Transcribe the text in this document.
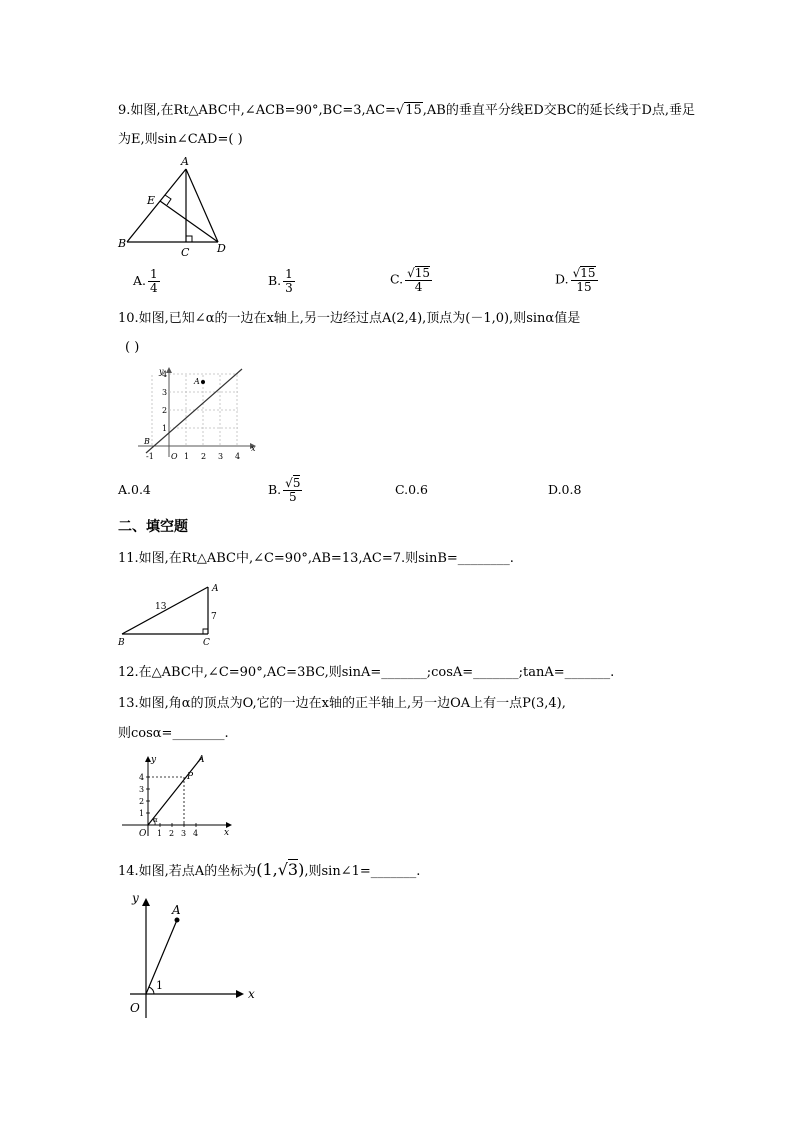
9.如图,在Rt△ABC中,∠ACB=90°,BC=3,AC=√15,AB的垂直平分线ED交BC的延长线于D点,垂足
为E,则sin∠CAD=( )
A
E
B
C	D
A. $\frac{1}{4}$	B. $\frac{1}{3}$	C. $\frac{√15}{4}$	D. $\frac{√15}{15}$
10.如图,已知∠α的一边在x轴上,另一边经过点A(2,4),顶点为(－1,0),则sinα值是
( )
A
B
x
y
O
-1	1 2 3 4
1
2
3
4
A.0.4	B. $\frac{√5}{5}$	C.0.6	D.0.8
二、填空题
11.如图,在Rt△ABC中,∠C=90°,AB=13,AC=7.则sinB=________.
A
B	C
13
7
12.在△ABC中,∠C=90°,AC=3BC,则sinA=_______;cosA=_______;tanA=_______.
13.如图,角α的顶点为O,它的一边在x轴的正半轴上,另一边OA上有一点P(3,4),
则cosα=________.
α
A
P
x
y
O 1 2 3 4
1
2
3
4
14.如图,若点A的坐标为(1,√3),则sin∠1=_______.
1
A
x
y
O
